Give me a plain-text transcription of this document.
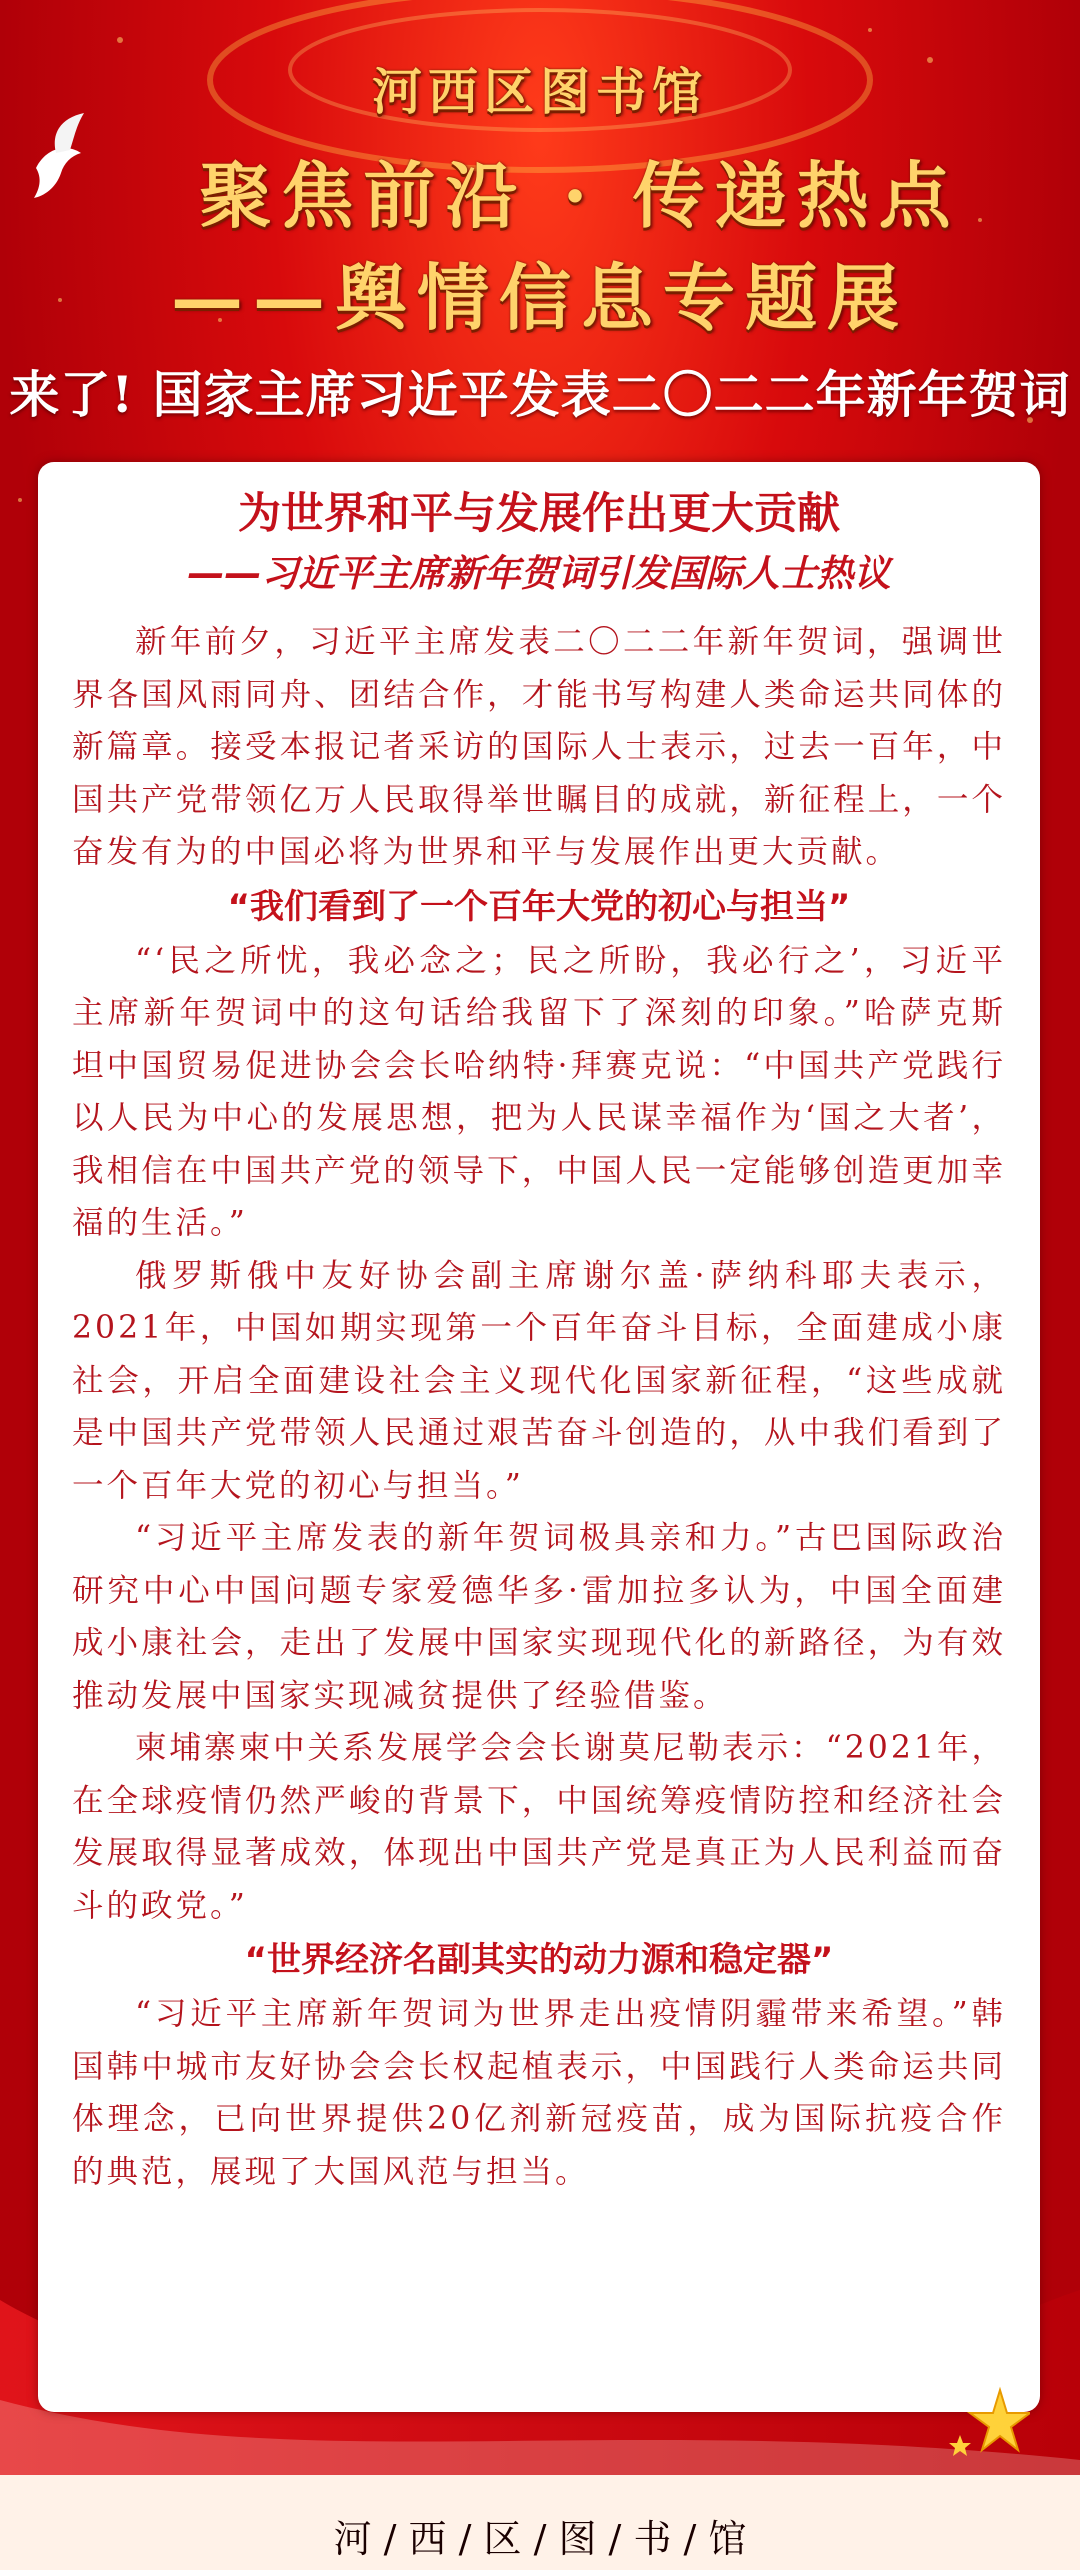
河西区图书馆
聚焦前沿 · 传递热点
——舆情信息专题展
来了! 国家主席习近平发表二〇二二年新年贺词
为世界和平与发展作出更大贡献
——习近平主席新年贺词引发国际人士热议

新年前夕，习近平主席发表二〇二二年新年贺词，强调世界各国风雨同舟、团结合作，才能书写构建人类命运共同体的新篇章。接受本报记者采访的国际人士表示，过去一百年，中国共产党带领亿万人民取得举世瞩目的成就，新征程上，一个奋发有为的中国必将为世界和平与发展作出更大贡献。

“我们看到了一个百年大党的初心与担当”

“‘民之所忧，我必念之；民之所盼，我必行之’，习近平主席新年贺词中的这句话给我留下了深刻的印象。”哈萨克斯坦中国贸易促进协会会长哈纳特·拜赛克说：“中国共产党践行以人民为中心的发展思想，把为人民谋幸福作为‘国之大者’，我相信在中国共产党的领导下，中国人民一定能够创造更加幸福的生活。”

俄罗斯俄中友好协会副主席谢尔盖·萨纳科耶夫表示，2021年，中国如期实现第一个百年奋斗目标，全面建成小康社会，开启全面建设社会主义现代化国家新征程，“这些成就是中国共产党带领人民通过艰苦奋斗创造的，从中我们看到了一个百年大党的初心与担当。”

“习近平主席发表的新年贺词极具亲和力。”古巴国际政治研究中心中国问题专家爱德华多·雷加拉多认为，中国全面建成小康社会，走出了发展中国家实现现代化的新路径，为有效推动发展中国家实现减贫提供了经验借鉴。

柬埔寨柬中关系发展学会会长谢莫尼勒表示：“2021年，在全球疫情仍然严峻的背景下，中国统筹疫情防控和经济社会发展取得显著成效，体现出中国共产党是真正为人民利益而奋斗的政党。”

“世界经济名副其实的动力源和稳定器”

“习近平主席新年贺词为世界走出疫情阴霾带来希望。”韩国韩中城市友好协会会长权起植表示，中国践行人类命运共同体理念，已向世界提供20亿剂新冠疫苗，成为国际抗疫合作的典范，展现了大国风范与担当。

河 / 西 / 区 / 图 / 书 / 馆
